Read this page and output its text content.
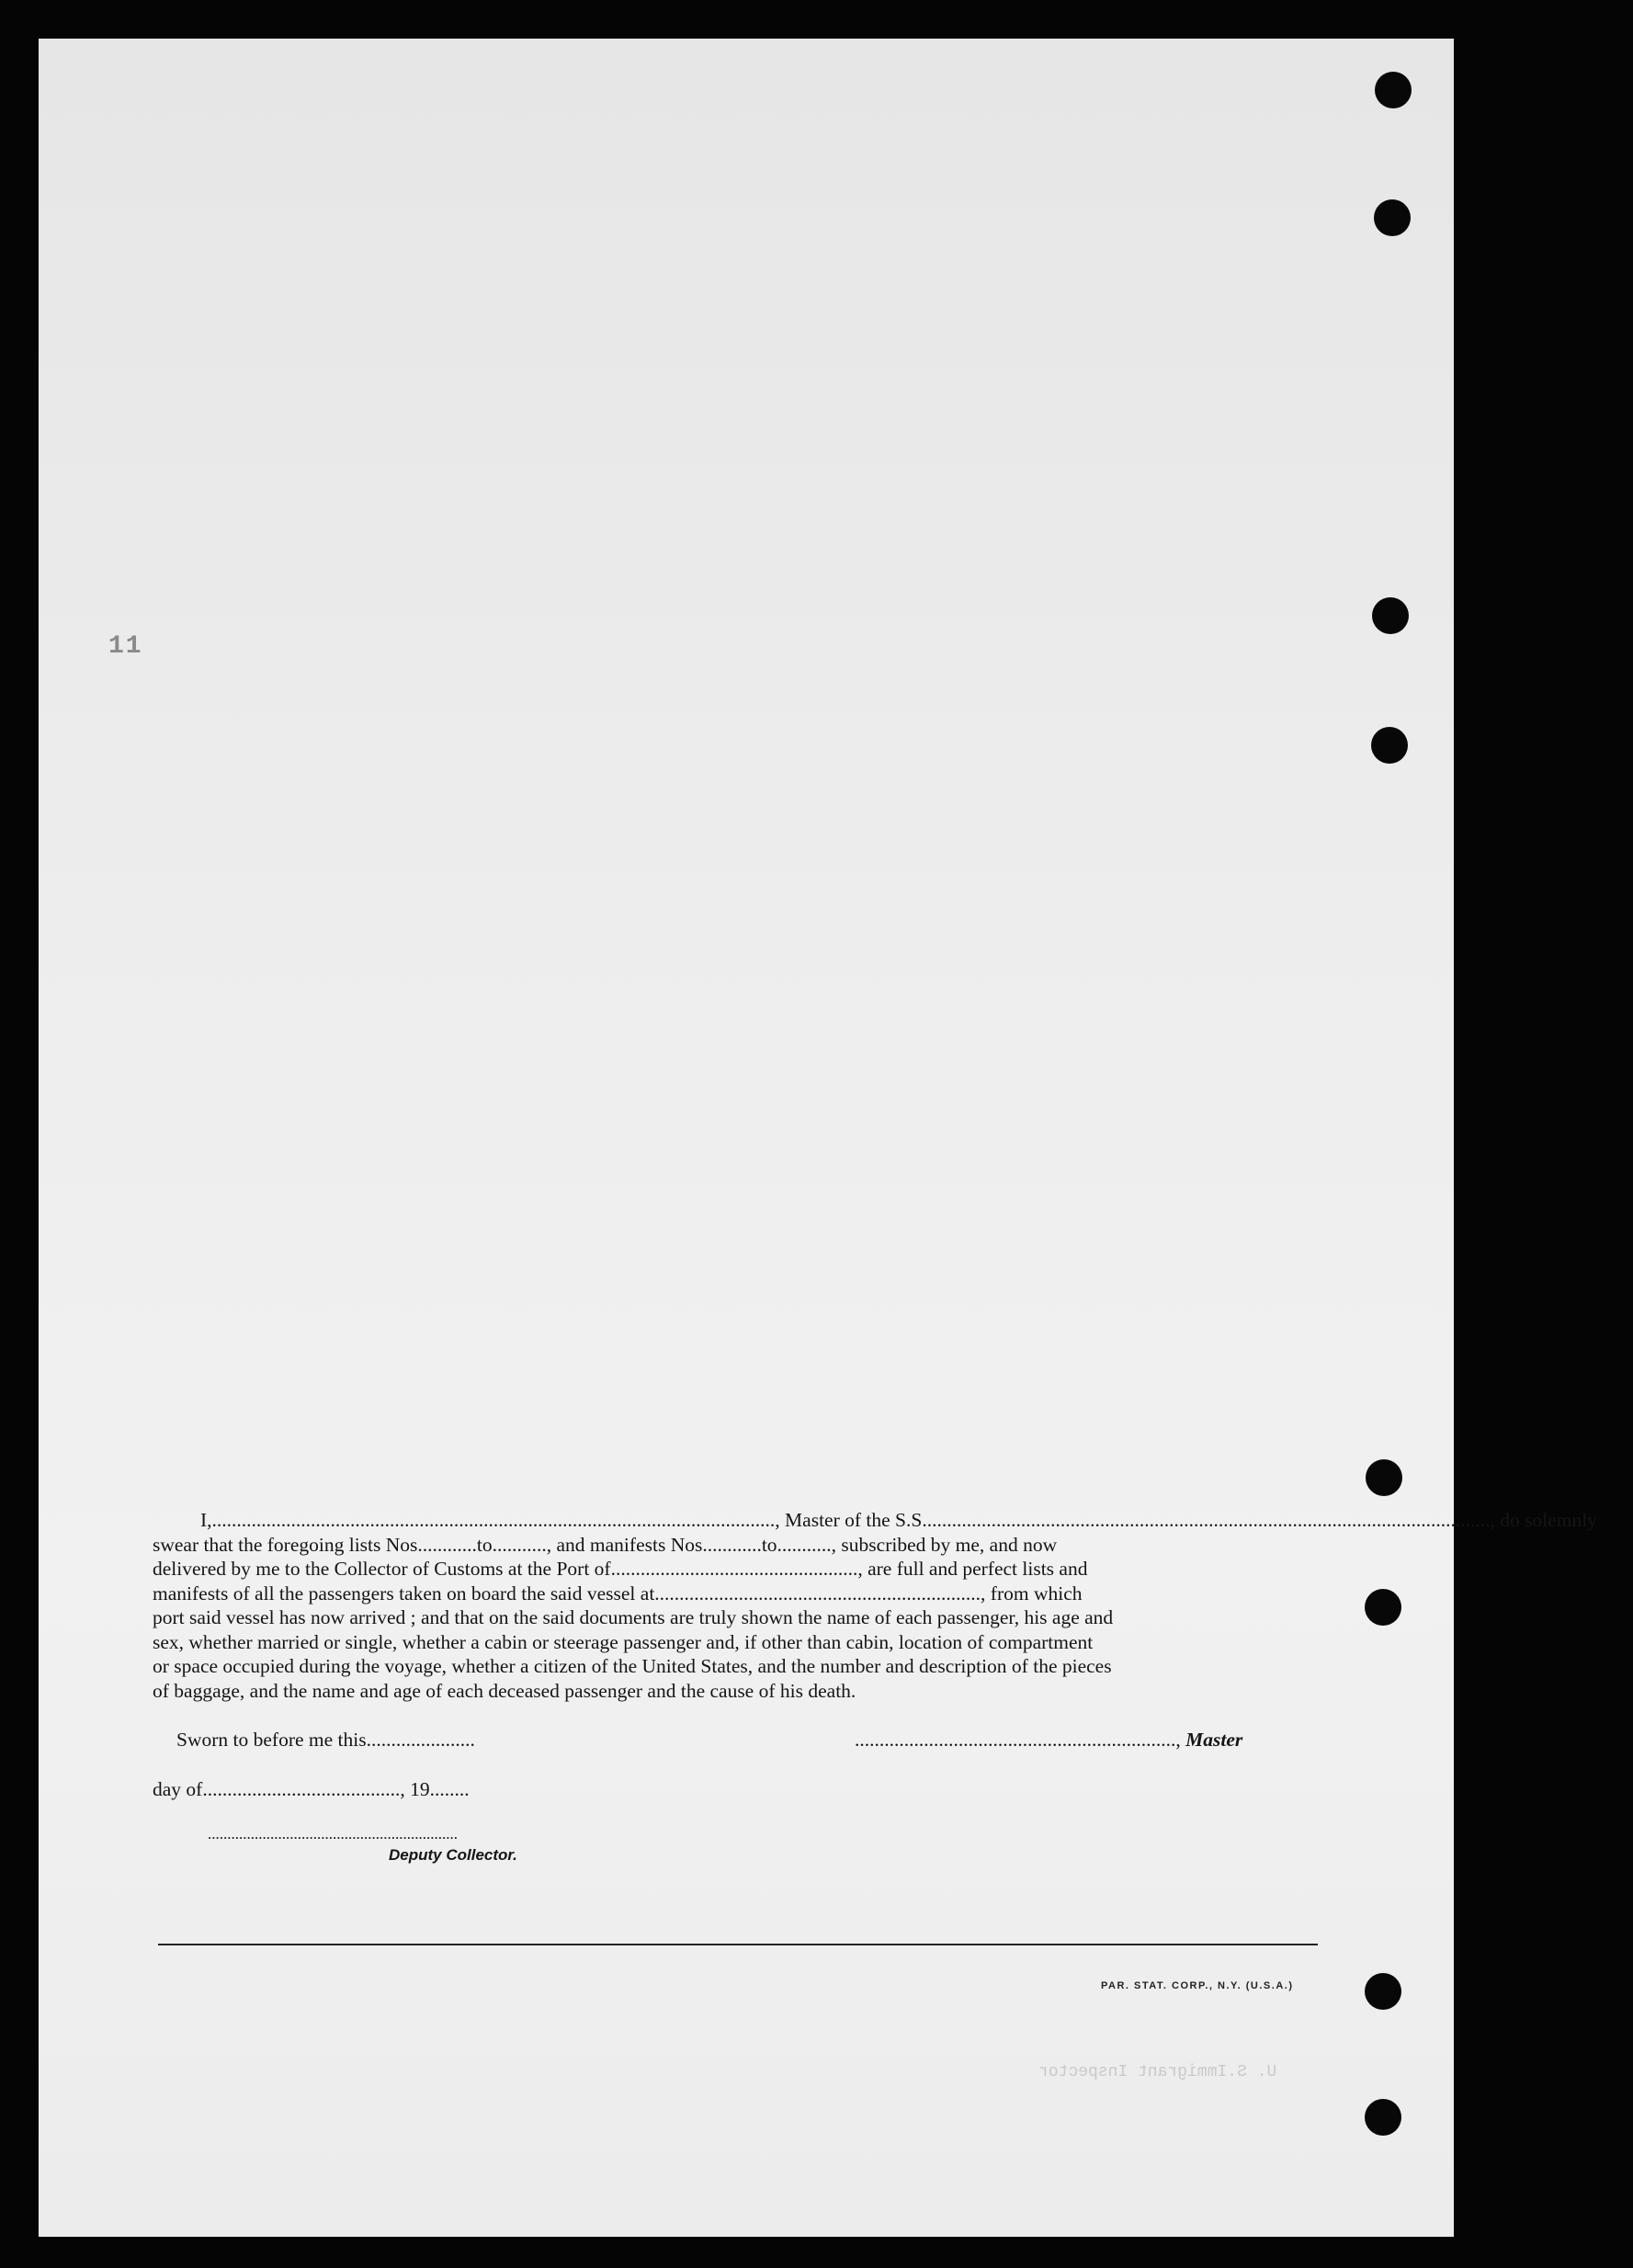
11
I, .................................................................................................................. , Master of the S.S. .................................................................................................................. , do solemnly
swear that the foregoing lists Nos............to..........., and manifests Nos............to..........., subscribed by me, and now
delivered by me to the Collector of Customs at the Port of.................................................., are full and perfect lists and
manifests of all the passengers taken on board the said vessel at.................................................................., from which
port said vessel has now arrived ; and that on the said documents are truly shown the name of each passenger, his age and
sex, whether married or single, whether a cabin or steerage passenger and, if other than cabin, location of compartment
or space occupied during the voyage, whether a citizen of the United States, and the number and description of the pieces
of baggage, and the name and age of each deceased passenger and the cause of his death.
Sworn to before me this......................	................................................................., Master
day of........................................, 19........
................................................................
Deputy Collector.
PAR. STAT. CORP., N.Y. (U.S.A.)
U. S.Immigrant Inspector
